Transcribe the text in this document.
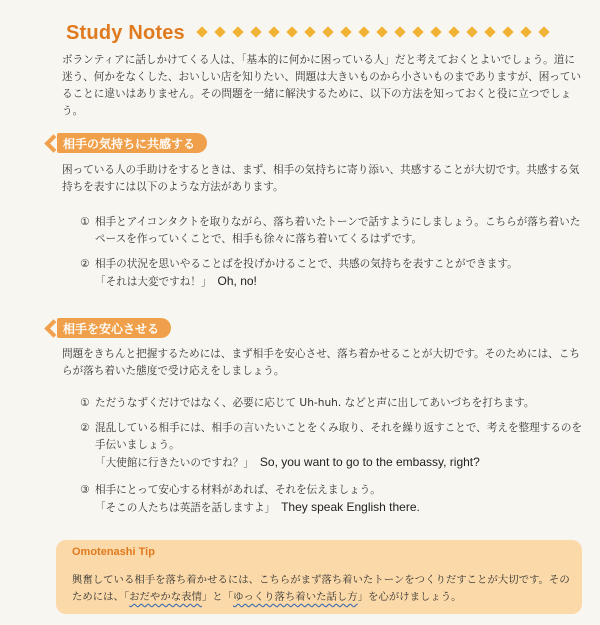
Study Notes

ボランティアに話しかけてくる人は、「基本的に何かに困っている人」だと考えておくとよいでしょう。道に迷う、何かをなくした、おいしい店を知りたい、問題は大きいものから小さいものまでありますが、困っていることに違いはありません。その問題を一緒に解決するために、以下の方法を知っておくと役に立つでしょう。

相手の気持ちに共感する

困っている人の手助けをするときは、まず、相手の気持ちに寄り添い、共感することが大切です。共感する気持ちを表すには以下のような方法があります。

① 相手とアイコンタクトを取りながら、落ち着いたトーンで話すようにしましょう。こちらが落ち着いたペースを作っていくことで、相手も徐々に落ち着いてくるはずです。
② 相手の状況を思いやることばを投げかけることで、共感の気持ちを表すことができます。
「それは大変ですね！」 Oh, no!
相手を安心させる

問題をきちんと把握するためには、まず相手を安心させ、落ち着かせることが大切です。そのためには、こちらが落ち着いた態度で受け応えをしましょう。

① ただうなずくだけではなく、必要に応じて Uh-huh. などと声に出してあいづちを打ちます。
② 混乱している相手には、相手の言いたいことをくみ取り、それを繰り返すことで、考えを整理するのを手伝いましょう。
「大使館に行きたいのですね？」 So, you want to go to the embassy, right?
③ 相手にとって安心する材料があれば、それを伝えましょう。
「そこの人たちは英語を話しますよ」 They speak English there.
Omotenashi Tip

興奮している相手を落ち着かせるには、こちらがまず落ち着いたトーンをつくりだすことが大切です。そのためには、「おだやかな表情」と「ゆっくり落ち着いた話し方」を心がけましょう。
